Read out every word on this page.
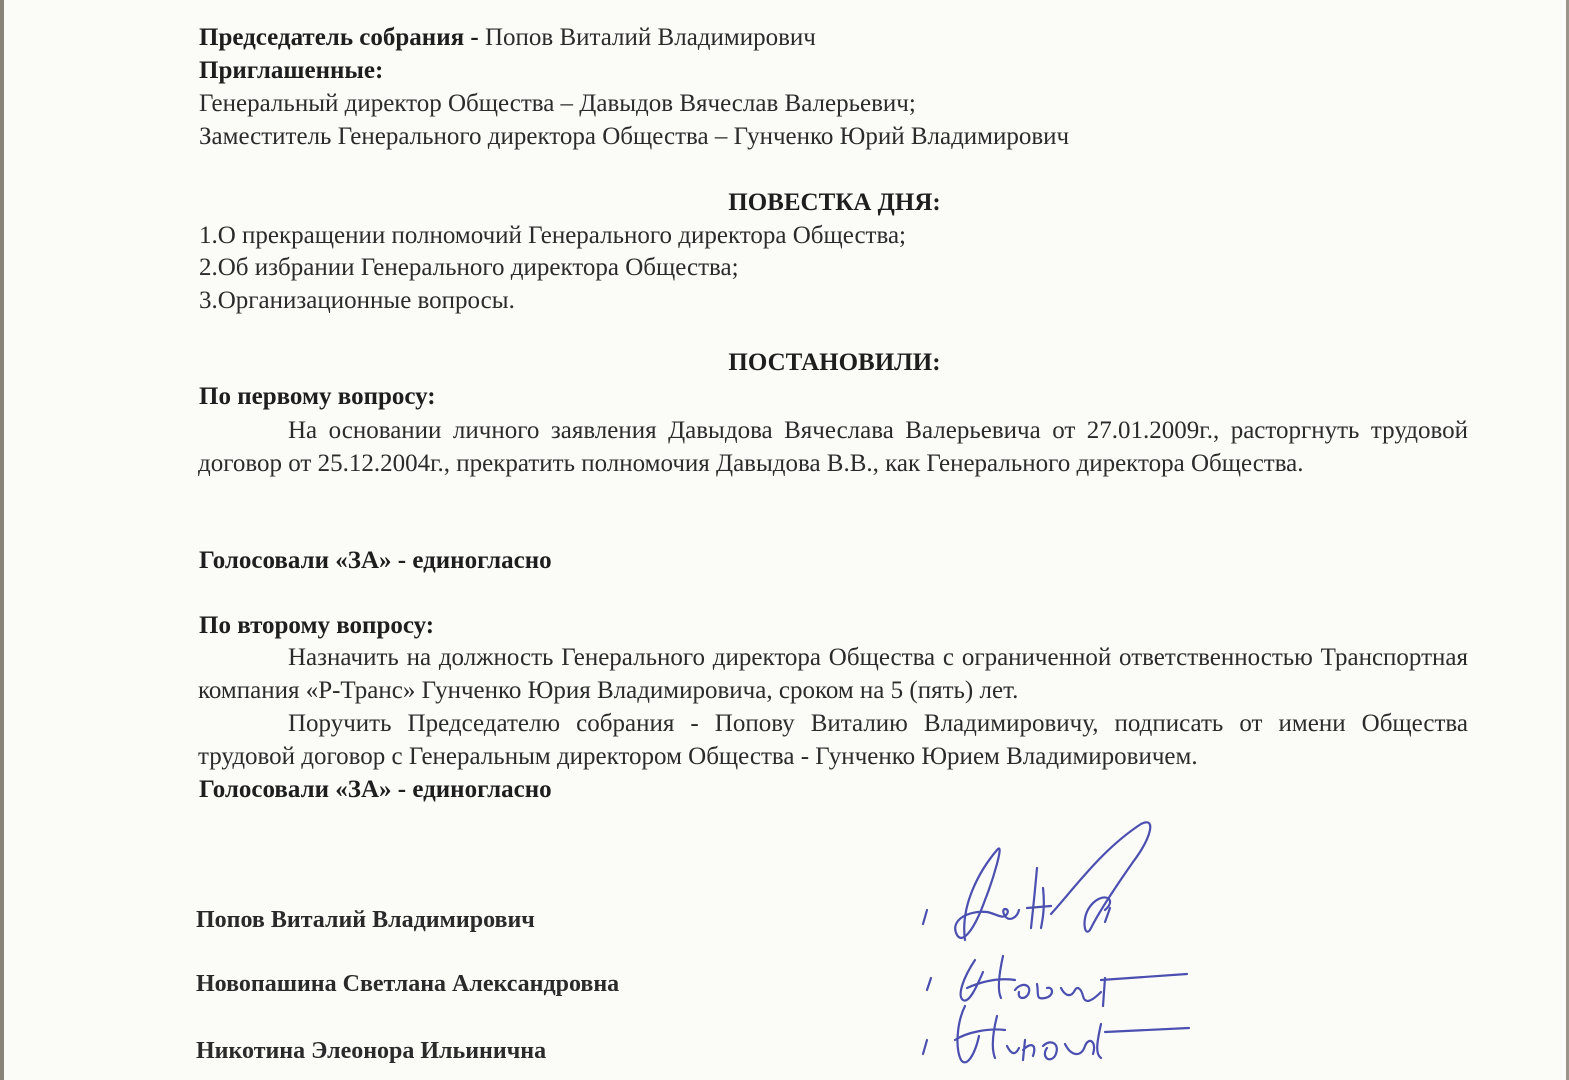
Председатель собрания - Попов Виталий Владимирович
Приглашенные:
Генеральный директор Общества – Давыдов Вячеслав Валерьевич;
Заместитель Генерального директора Общества – Гунченко Юрий Владимирович
ПОВЕСТКА ДНЯ:
1.О прекращении полномочий Генерального директора Общества;
2.Об избрании Генерального директора Общества;
3.Организационные вопросы.
ПОСТАНОВИЛИ:
По первому вопросу:
На основании личного заявления Давыдова Вячеслава Валерьевича от 27.01.2009г., расторгнуть трудовой договор от 25.12.2004г., прекратить полномочия Давыдова В.В., как Генерального директора Общества.
Голосовали «ЗА» - единогласно
По второму вопросу:
Назначить на должность Генерального директора Общества с ограниченной ответственностью Транспортная компания «Р-Транс» Гунченко Юрия Владимировича, сроком на 5 (пять) лет.
Поручить Председателю собрания - Попову Виталию Владимировичу, подписать от имени Общества трудовой договор с Генеральным директором Общества - Гунченко Юрием Владимировичем.
Голосовали «ЗА» - единогласно
Попов Виталий Владимирович
Новопашина Светлана Александровна
Никотина Элеонора Ильинична
